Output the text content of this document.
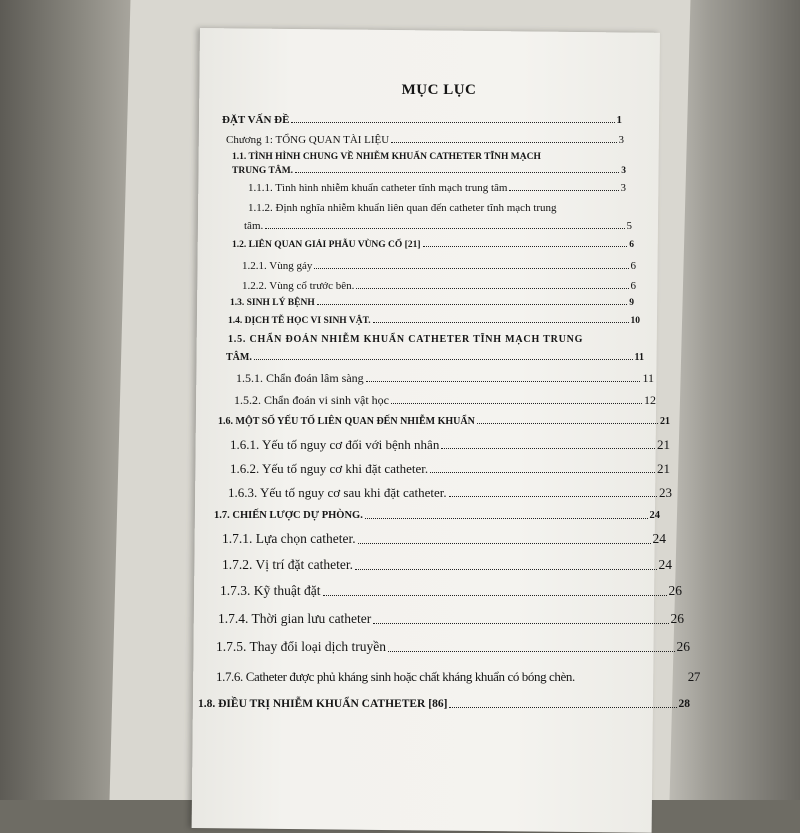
MỤC LỤC
ĐẶT VẤN ĐỀ	1
Chương 1: TỔNG QUAN TÀI LIỆU	3
1.1. TÌNH HÌNH CHUNG VỀ NHIỄM KHUẨN CATHETER TĨNH MẠCH
TRUNG TÂM.	3
1.1.1. Tình hình nhiễm khuẩn catheter tĩnh mạch trung tâm	3
1.1.2. Định nghĩa nhiễm khuẩn liên quan đến catheter tĩnh mạch trung
tâm.	5
1.2. LIÊN QUAN GIẢI PHẪU VÙNG CỔ [21]	6
1.2.1. Vùng gáy	6
1.2.2. Vùng cổ trước bên.	6
1.3. SINH LÝ BỆNH	9
1.4. DỊCH TỄ HỌC VI SINH VẬT.	10
1.5. CHẨN ĐOÁN NHIỄM KHUẨN CATHETER TĨNH MẠCH TRUNG
TÂM.	11
1.5.1. Chẩn đoán lâm sàng	11
1.5.2. Chẩn đoán vi sinh vật học	12
1.6. MỘT SỐ YẾU TỐ LIÊN QUAN ĐẾN NHIỄM KHUẨN	21
1.6.1. Yếu tố nguy cơ đối với bệnh nhân	21
1.6.2. Yếu tố nguy cơ khi đặt catheter.	21
1.6.3. Yếu tố nguy cơ sau khi đặt catheter.	23
1.7. CHIẾN LƯỢC DỰ PHÒNG.	24
1.7.1. Lựa chọn catheter.	24
1.7.2. Vị trí đặt catheter.	24
1.7.3. Kỹ thuật đặt	26
1.7.4. Thời gian lưu catheter	26
1.7.5. Thay đổi loại dịch truyền	26
1.7.6. Catheter được phủ kháng sinh hoặc chất kháng khuẩn có bóng chèn.	27
1.8. ĐIỀU TRỊ NHIỄM KHUẨN CATHETER [86]	28
